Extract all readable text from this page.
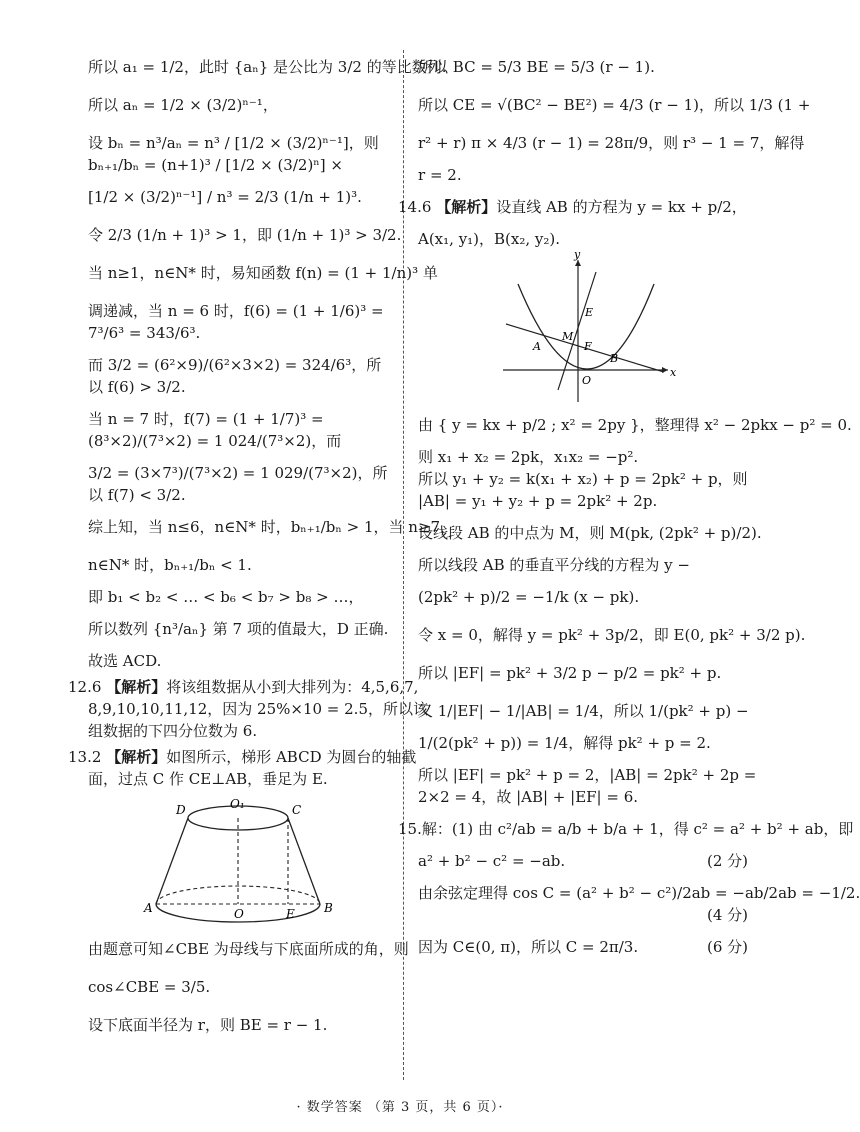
所以 a₁ = 1/2，此时 {aₙ} 是公比为 3/2 的等比数列.
所以 aₙ = 1/2 × (3/2)ⁿ⁻¹，
设 bₙ = n³/aₙ = n³ / [1/2 × (3/2)ⁿ⁻¹]，则 bₙ₊₁/bₙ = (n+1)³ / [1/2 × (3/2)ⁿ] ×
[1/2 × (3/2)ⁿ⁻¹] / n³ = 2/3 (1/n + 1)³.
令 2/3 (1/n + 1)³ > 1，即 (1/n + 1)³ > 3/2.
当 n≥1，n∈N* 时，易知函数 f(n) = (1 + 1/n)³ 单
调递减，当 n = 6 时，f(6) = (1 + 1/6)³ = 7³/6³ = 343/6³.
而 3/2 = (6²×9)/(6²×3×2) = 324/6³，所以 f(6) > 3/2.
当 n = 7 时，f(7) = (1 + 1/7)³ = (8³×2)/(7³×2) = 1 024/(7³×2)，而
3/2 = (3×7³)/(7³×2) = 1 029/(7³×2)，所以 f(7) < 3/2.
综上知，当 n≤6，n∈N* 时，bₙ₊₁/bₙ > 1，当 n≥7，
n∈N* 时，bₙ₊₁/bₙ < 1.
即 b₁ < b₂ < … < b₆ < b₇ > b₈ > …，
所以数列 {n³/aₙ} 第 7 项的值最大，D 正确.
故选 ACD.
12.6 【解析】将该组数据从小到大排列为：4,5,6,7,
8,9,10,10,11,12，因为 25%×10 = 2.5，所以该
组数据的下四分位数为 6.
13.2 【解析】如图所示，梯形 ABCD 为圆台的轴截
面，过点 C 作 CE⊥AB，垂足为 E.
D	O₁	C
A	O	E B
由题意可知∠CBE 为母线与下底面所成的角，则
cos∠CBE = 3/5.
设下底面半径为 r，则 BE = r − 1.
所以 BC = 5/3 BE = 5/3 (r − 1).
所以 CE = √(BC² − BE²) = 4/3 (r − 1)，所以 1/3 (1 +
r² + r) π × 4/3 (r − 1) = 28π/9，则 r³ − 1 = 7，解得
r = 2.
14.6 【解析】设直线 AB 的方程为 y = kx + p/2，
A(x₁, y₁)，B(x₂, y₂).
y
x
E
M
F
A
B
O
由 { y = kx + p/2 ; x² = 2py }，整理得 x² − 2pkx − p² = 0.
则 x₁ + x₂ = 2pk，x₁x₂ = −p².
所以 y₁ + y₂ = k(x₁ + x₂) + p = 2pk² + p，则
|AB| = y₁ + y₂ + p = 2pk² + 2p.
设线段 AB 的中点为 M，则 M(pk, (2pk² + p)/2).
所以线段 AB 的垂直平分线的方程为 y −
(2pk² + p)/2 = −1/k (x − pk).
令 x = 0，解得 y = pk² + 3p/2，即 E(0, pk² + 3/2 p).
所以 |EF| = pk² + 3/2 p − p/2 = pk² + p.
又 1/|EF| − 1/|AB| = 1/4，所以 1/(pk² + p) −
1/(2(pk² + p)) = 1/4，解得 pk² + p = 2.
所以 |EF| = pk² + p = 2，|AB| = 2pk² + 2p =
2×2 = 4，故 |AB| + |EF| = 6.
15.解：(1) 由 c²/ab = a/b + b/a + 1，得 c² = a² + b² + ab，即
a² + b² − c² = −ab.	(2 分)
由余弦定理得 cos C = (a² + b² − c²)/2ab = −ab/2ab = −1/2.
(4 分)

因为 C∈(0, π)，所以 C = 2π/3.	(6 分)
· 数学答案 （第 3 页，共 6 页）·
